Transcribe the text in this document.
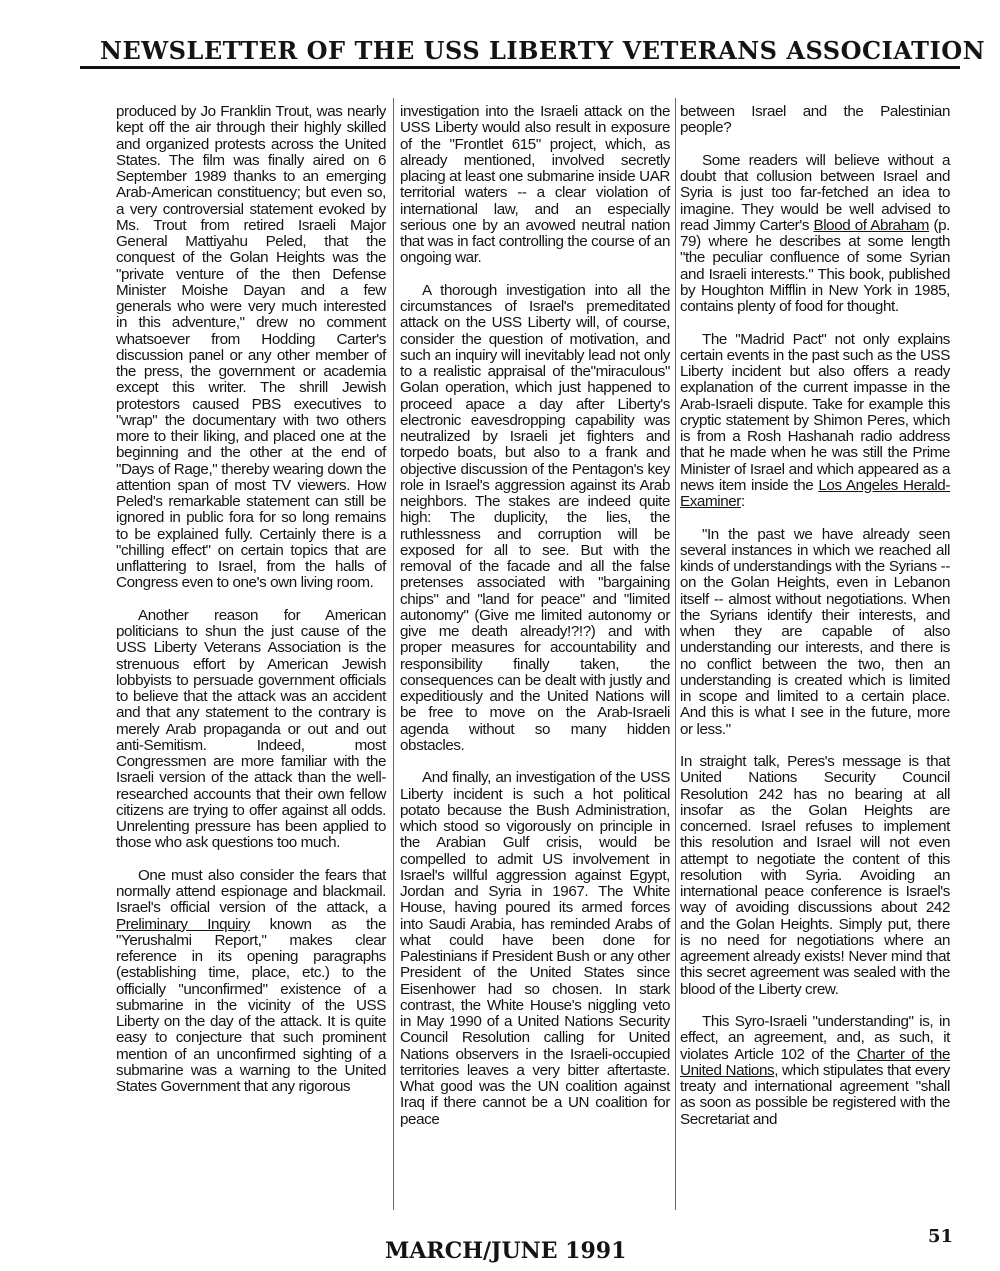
NEWSLETTER OF THE USS LIBERTY VETERANS ASSOCIATION

produced by Jo Franklin Trout, was nearly kept off the air through their highly skilled and organized protests across the United States. The film was finally aired on 6 September 1989 thanks to an emerging Arab-American constituency; but even so, a very controversial statement evoked by Ms. Trout from retired Israeli Major General Mattiyahu Peled, that the conquest of the Golan Heights was the "private venture of the then Defense Minister Moishe Dayan and a few generals who were very much interested in this adventure," drew no comment whatsoever from Hodding Carter's discussion panel or any other member of the press, the government or academia except this writer. The shrill Jewish protestors caused PBS executives to "wrap" the documentary with two others more to their liking, and placed one at the beginning and the other at the end of "Days of Rage," thereby wearing down the attention span of most TV viewers. How Peled's remarkable statement can still be ignored in public fora for so long remains to be explained fully. Certainly there is a "chilling effect" on certain topics that are unflattering to Israel, from the halls of Congress even to one's own living room.

Another reason for American politicians to shun the just cause of the USS Liberty Veterans Association is the strenuous effort by American Jewish lobbyists to persuade government officials to believe that the attack was an accident and that any statement to the contrary is merely Arab propaganda or out and out anti-Semitism. Indeed, most Congressmen are more familiar with the Israeli version of the attack than the well-researched accounts that their own fellow citizens are trying to offer against all odds. Unrelenting pressure has been applied to those who ask questions too much.

One must also consider the fears that normally attend espionage and blackmail. Israel's official version of the attack, a Preliminary Inquiry known as the "Yerushalmi Report," makes clear reference in its opening paragraphs (establishing time, place, etc.) to the officially "unconfirmed" existence of a submarine in the vicinity of the USS Liberty on the day of the attack. It is quite easy to conjecture that such prominent mention of an unconfirmed sighting of a submarine was a warning to the United States Government that any rigorous

investigation into the Israeli attack on the USS Liberty would also result in exposure of the "Frontlet 615" project, which, as already mentioned, involved secretly placing at least one submarine inside UAR territorial waters -- a clear violation of international law, and an especially serious one by an avowed neutral nation that was in fact controlling the course of an ongoing war.

A thorough investigation into all the circumstances of Israel's premeditated attack on the USS Liberty will, of course, consider the question of motivation, and such an inquiry will inevitably lead not only to a realistic appraisal of the"miraculous" Golan operation, which just happened to proceed apace a day after Liberty's electronic eavesdropping capability was neutralized by Israeli jet fighters and torpedo boats, but also to a frank and objective discussion of the Pentagon's key role in Israel's aggression against its Arab neighbors. The stakes are indeed quite high: The duplicity, the lies, the ruthlessness and corruption will be exposed for all to see. But with the removal of the facade and all the false pretenses associated with "bargaining chips" and "land for peace" and "limited autonomy" (Give me limited autonomy or give me death already!?!?) and with proper measures for accountability and responsibility finally taken, the consequences can be dealt with justly and expeditiously and the United Nations will be free to move on the Arab-Israeli agenda without so many hidden obstacles.

And finally, an investigation of the USS Liberty incident is such a hot political potato because the Bush Administration, which stood so vigorously on principle in the Arabian Gulf crisis, would be compelled to admit US involvement in Israel's willful aggression against Egypt, Jordan and Syria in 1967. The White House, having poured its armed forces into Saudi Arabia, has reminded Arabs of what could have been done for Palestinians if President Bush or any other President of the United States since Eisenhower had so chosen. In stark contrast, the White House's niggling veto in May 1990 of a United Nations Security Council Resolution calling for United Nations observers in the Israeli-occupied territories leaves a very bitter aftertaste. What good was the UN coalition against Iraq if there cannot be a UN coalition for peace

between Israel and the Palestinian people?

Some readers will believe without a doubt that collusion between Israel and Syria is just too far-fetched an idea to imagine. They would be well advised to read Jimmy Carter's Blood of Abraham (p. 79) where he describes at some length "the peculiar confluence of some Syrian and Israeli interests." This book, published by Houghton Mifflin in New York in 1985, contains plenty of food for thought.

The "Madrid Pact" not only explains certain events in the past such as the USS Liberty incident but also offers a ready explanation of the current impasse in the Arab-Israeli dispute. Take for example this cryptic statement by Shimon Peres, which is from a Rosh Hashanah radio address that he made when he was still the Prime Minister of Israel and which appeared as a news item inside the Los Angeles Herald-Examiner:

"In the past we have already seen several instances in which we reached all kinds of understandings with the Syrians -- on the Golan Heights, even in Lebanon itself -- almost without negotiations. When the Syrians identify their interests, and when they are capable of also understanding our interests, and there is no conflict between the two, then an understanding is created which is limited in scope and limited to a certain place. And this is what I see in the future, more or less."

In straight talk, Peres's message is that United Nations Security Council Resolution 242 has no bearing at all insofar as the Golan Heights are concerned. Israel refuses to implement this resolution and Israel will not even attempt to negotiate the content of this resolution with Syria. Avoiding an international peace conference is Israel's way of avoiding discussions about 242 and the Golan Heights. Simply put, there is no need for negotiations where an agreement already exists! Never mind that this secret agreement was sealed with the blood of the Liberty crew.

This Syro-Israeli "understanding" is, in effect, an agreement, and, as such, it violates Article 102 of the Charter of the United Nations, which stipulates that every treaty and international agreement "shall as soon as possible be registered with the Secretariat and

MARCH/JUNE 1991
51
